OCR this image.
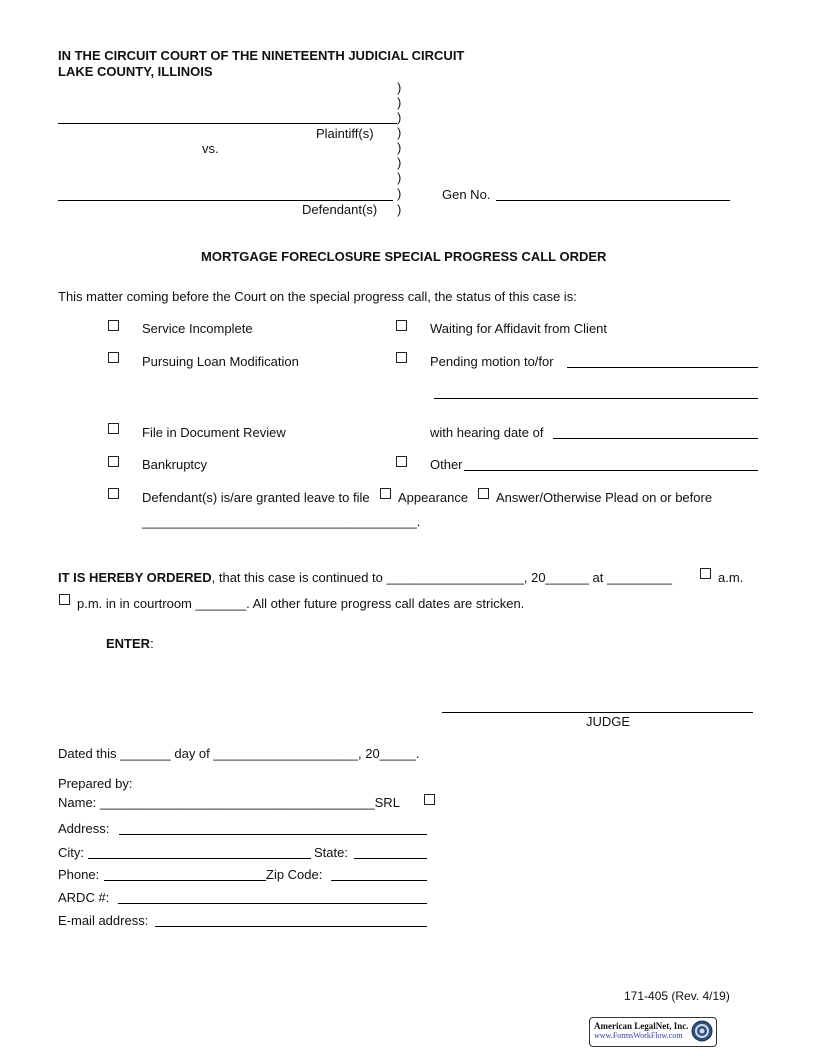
IN THE CIRCUIT COURT OF THE NINETEENTH JUDICIAL CIRCUIT
LAKE COUNTY, ILLINOIS
)
)
)
)
)
)
)
)
)
Plaintiff(s)
vs.
Defendant(s)
Gen No.
MORTGAGE FORECLOSURE SPECIAL PROGRESS CALL ORDER
This matter coming before the Court on the special progress call, the status of this case is:
Service Incomplete	Waiting for Affidavit from Client
Pursuing Loan Modification	Pending motion to/for
File in Document Review	with hearing date of
Bankruptcy	Other
Defendant(s) is/are granted leave to file Appearance Answer/Otherwise Plead on or before
______________________________________.
IT IS HEREBY ORDERED, that this case is continued to ___________________, 20______ at _________	a.m.
p.m. in in courtroom _______. All other future progress call dates are stricken.
ENTER:
JUDGE
Dated this _______ day of ____________________, 20_____.
Prepared by:
Name: ______________________________________SRL
Address:
City:	State:
Phone:	Zip Code:
ARDC #:
E-mail address:
171-405 (Rev. 4/19)
American LegalNet, Inc.
www.FormsWorkFlow.com
